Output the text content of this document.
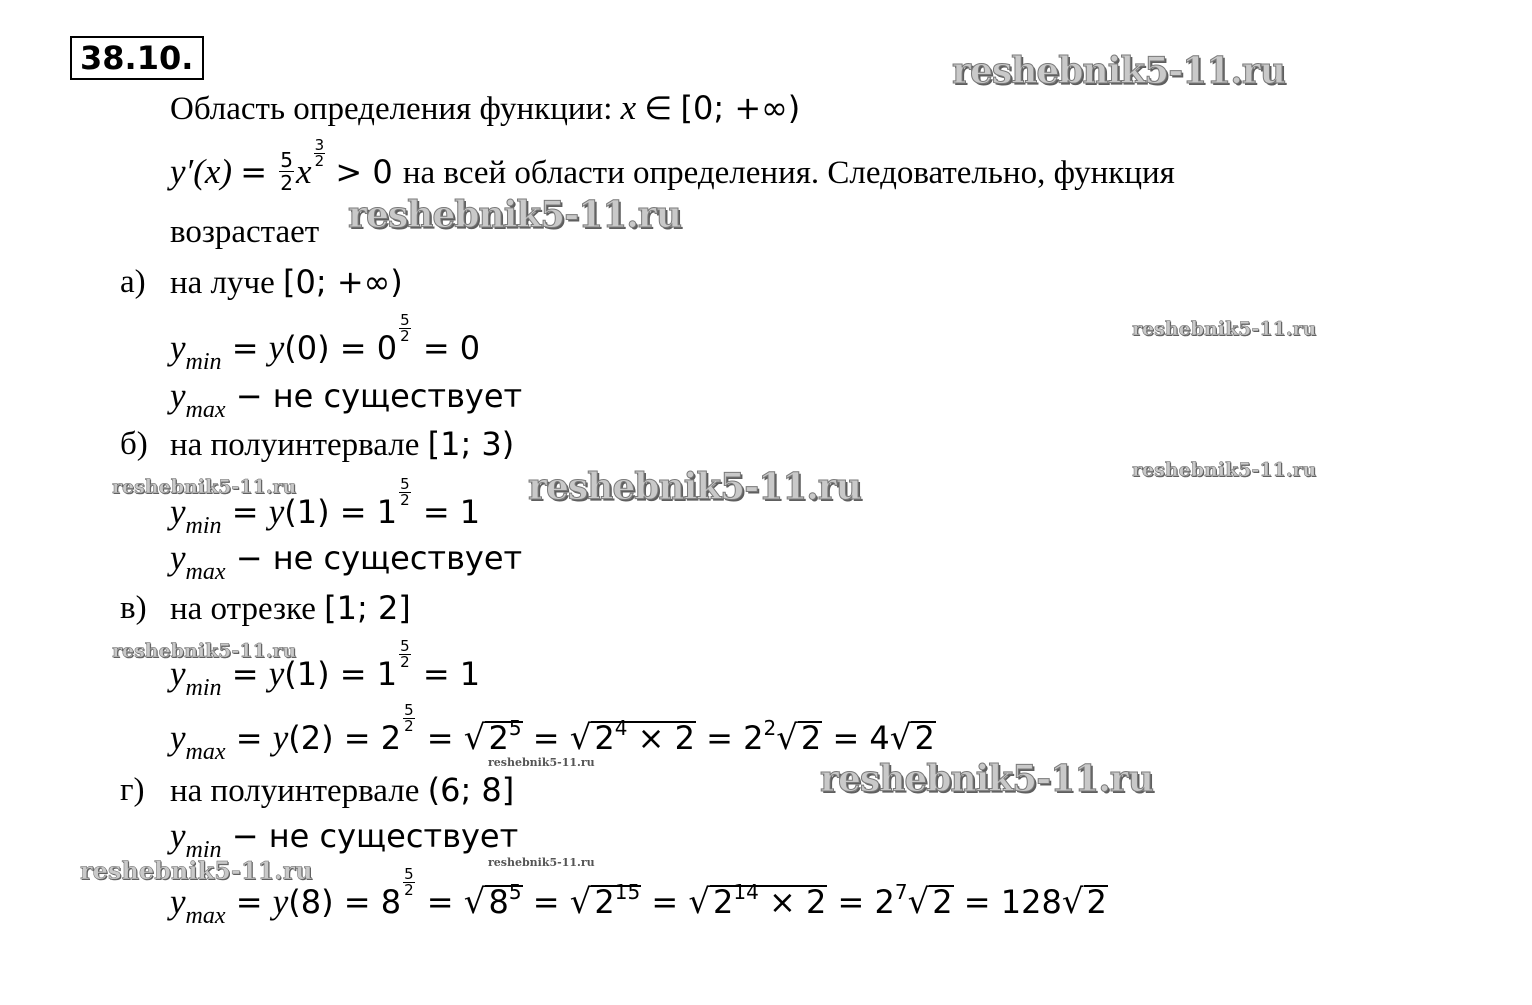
38.10.	reshebnik5-11.ru
reshebnik5-11.ru
reshebnik5-11.ru
reshebnik5-11.ru
reshebnik5-11.ru
reshebnik5-11.ru
reshebnik5-11.ru
reshebnik5-11.ru	reshebnik5-11.ru
reshebnik5-11.ru
reshebnik5-11.ru
Область определения функции: x ∈ [0; +∞)
$y'(x) = \frac{5}{2}$ x $\frac{3}{2} > 0$ на всей области определения. Следовательно, функция
возрастает
а) на луче [0; +∞)
$y_{min} = y(0) = 0$
$\frac{5}{2}$
= 0
$y_{max}$ − не существует
б) на полуинтервале [1; 3)
$y_{min} = y(1) = 1$
$\frac{5}{2}$
= 1
$y_{max}$ − не существует
в) на отрезке [1; 2]
$y_{min} = y(1) = 1$
$\frac{5}{2}$
= 1
$y_{max} = y(2) = 2$
$\frac{5}{2}$
= $√2^5 = √2^4 \times 2 = 2^2√2 = 4√2$
г) на полуинтервале (6; 8]
$y_{min}$ − не существует
$y_{max} = y(8) = 8$
$\frac{5}{2}$
= $√8^5 = √2^{15} = √2^{14} \times 2 = 2^7√2 = 128√2$
